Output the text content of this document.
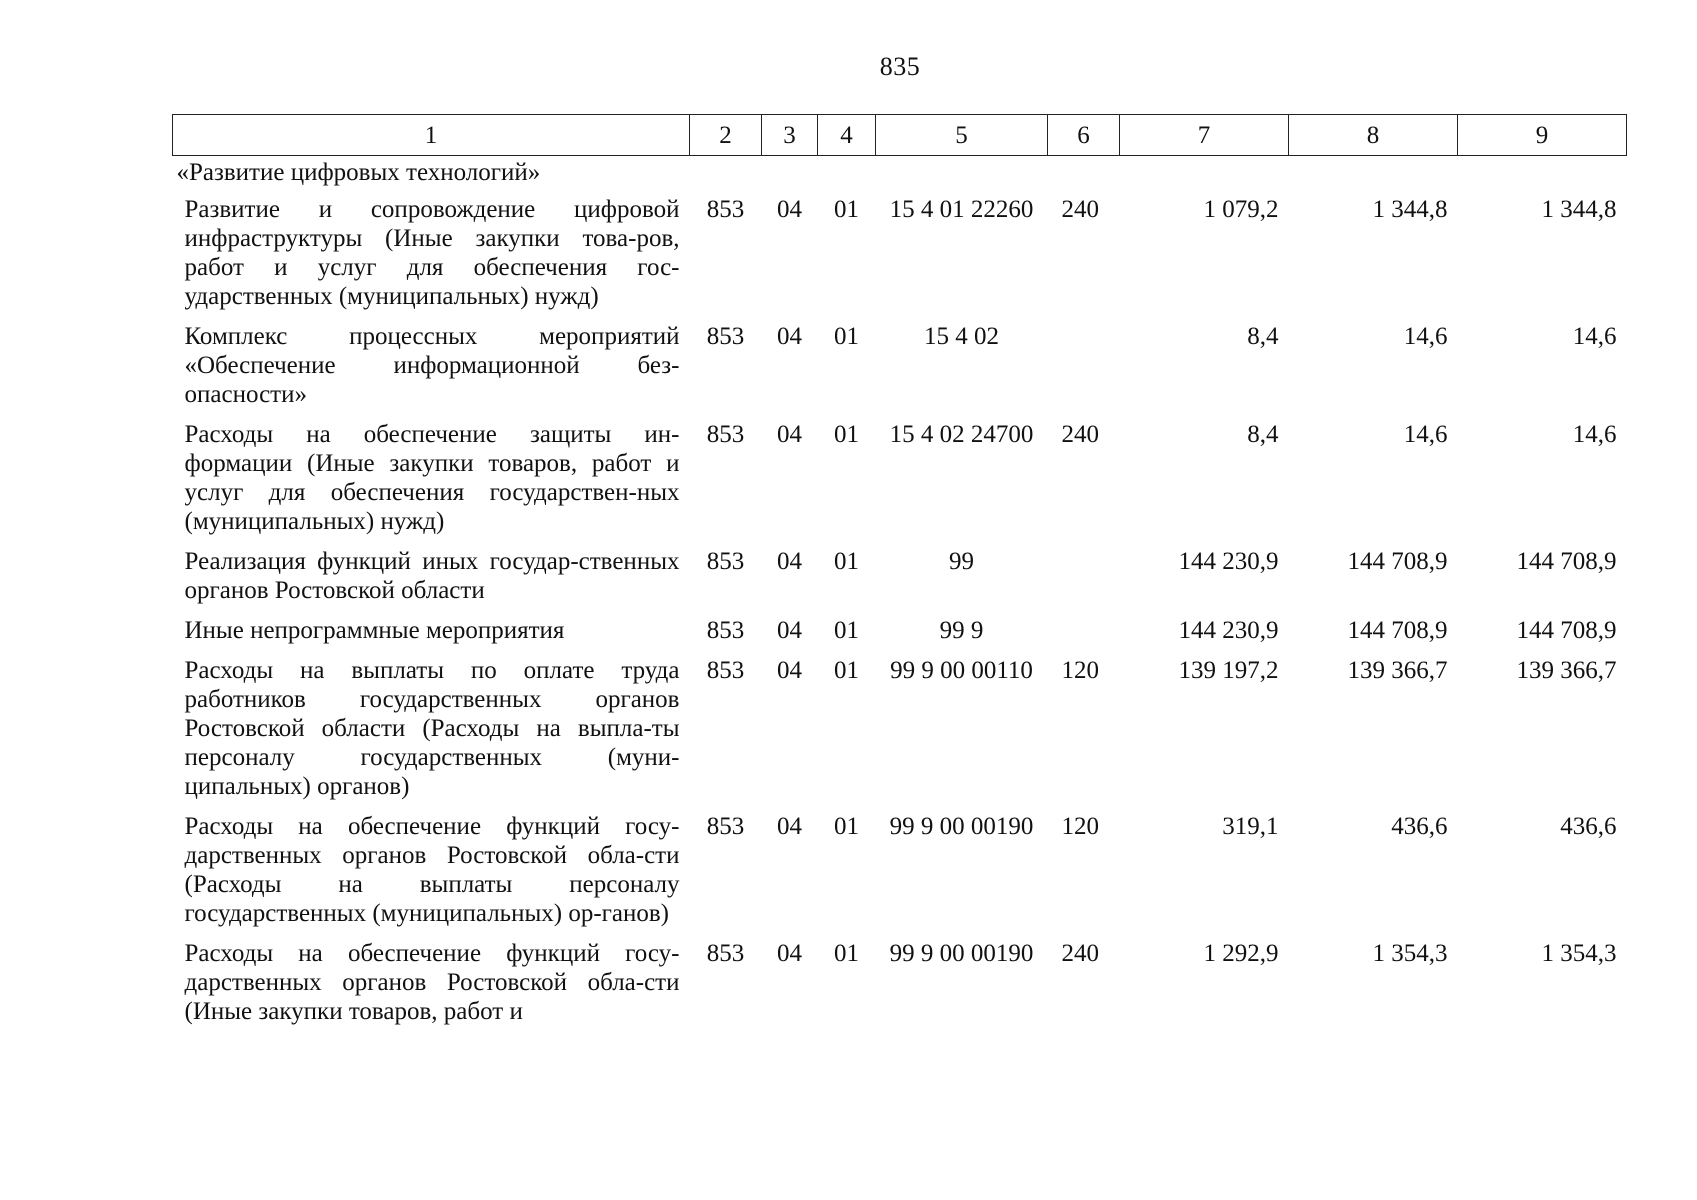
835
1	2	3	4	5	6	7	8	9
«Развитие цифровых технологий»								
Развитие и сопровождение цифровой инфраструктуры (Иные закупки това-ров, работ и услуг для обеспечения гос-ударственных (муниципальных) нужд)	853	04	01	15 4 01 22260	240	1 079,2	1 344,8	1 344,8
Комплекс процессных мероприятий «Обеспечение информационной без-опасности»	853	04	01	15 4 02		8,4	14,6	14,6
Расходы на обеспечение защиты ин-формации (Иные закупки товаров, работ и услуг для обеспечения государствен-ных (муниципальных) нужд)	853	04	01	15 4 02 24700	240	8,4	14,6	14,6
Реализация функций иных государ-ственных органов Ростовской области	853	04	01	99		144 230,9	144 708,9	144 708,9
Иные непрограммные мероприятия	853	04	01	99 9		144 230,9	144 708,9	144 708,9
Расходы на выплаты по оплате труда работников государственных органов Ростовской области (Расходы на выпла-ты персоналу государственных (муни-ципальных) органов)	853	04	01	99 9 00 00110	120	139 197,2	139 366,7	139 366,7
Расходы на обеспечение функций госу-дарственных органов Ростовской обла-сти (Расходы на выплаты персоналу государственных (муниципальных) ор-ганов)	853	04	01	99 9 00 00190	120	319,1	436,6	436,6
Расходы на обеспечение функций госу-дарственных органов Ростовской обла-сти (Иные закупки товаров, работ и	853	04	01	99 9 00 00190	240	1 292,9	1 354,3	1 354,3
